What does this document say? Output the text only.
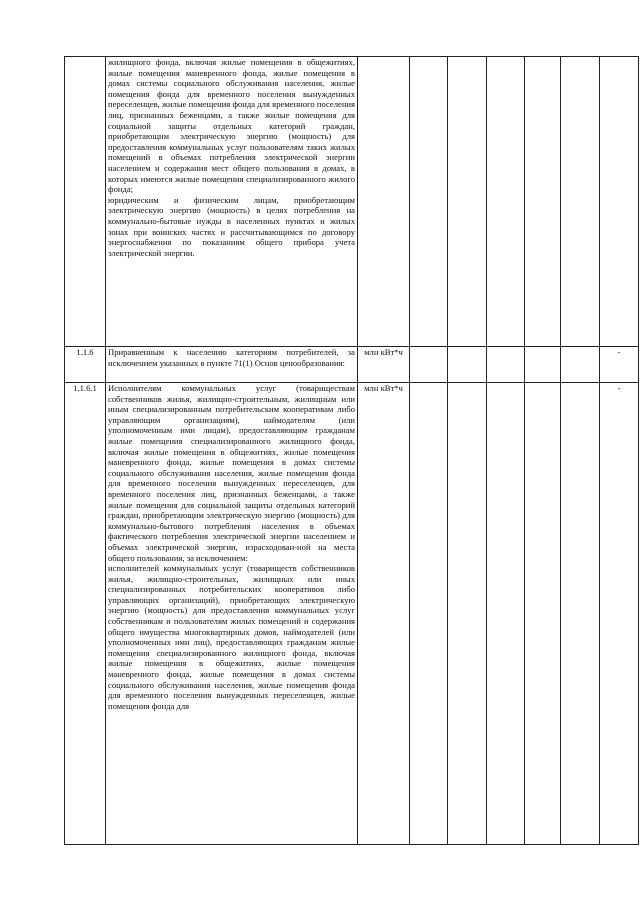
	жилищного фонда, включая жилые помещения в общежитиях, жилые помещения маневренного фонда, жилые помещения в домах системы социального обслуживания населения, жилые помещения фонда для временного поселения вынужденных переселенцев, жилые помещения фонда для временного поселения лиц, признанных беженцами, а также жилые помещения для социальной защиты отдельных категорий граждан, приобретающим электрическую энергию (мощность) для предоставления коммунальных услуг пользователям таких жилых помещений в объемах потребления электрической энергии населением и содержания мест общего пользования в домах, в которых имеются жилые помещения специализированного жилого фонда;
юридическим и физическим лицам, приобретающим электрическую энергию (мощность) в целях потребления на коммунально-бытовые нужды в населенных пунктах и жилых зонах при воинских частях и рассчитывающимся по договору энергоснабжения по показаниям общего прибора учета электрической энергии.							

1.1.6	Приравненным к населению категориям потребителей, за исключением указанных в пункте 71(1) Основ ценообразования:	млн кВт*ч						-
1.1.6.1	Исполнителям коммунальных услуг (товариществам собственников жилья, жилищно-строительным, жилищным или иным специализированным потребительским кооперативам либо управляющим организациям), наймодателям (или уполномоченным ими лицам), предоставляющим гражданам жилые помещения специализированного жилищного фонда, включая жилые помещения в общежитиях, жилые помещения маневренного фонда, жилые помещения в домах системы социального обслуживания населения, жилые помещения фонда для временного поселения вынужденных переселенцев, для временного поселения лиц, признанных беженцами, а также жилые помещения для социальной защиты отдельных категорий граждан, приобретающим электрическую энергию (мощность) для коммунально-бытового потребления населения в объемах фактического потребления электрической энергии населением и объемах электрической энергии, израсходован-ной на места общего пользования, за исключением:
исполнителей коммунальных услуг (товариществ собственников жилья, жилищно-строительных, жилищных или иных специализированных потребительских кооперативов либо управляющих организаций), приобретающих электрическую энергию (мощность) для предоставления коммунальных услуг собственникам и пользователям жилых помещений и содержания общего имущества многоквартирных домов, наймодателей (или уполномоченных ими лиц), предоставляющих гражданам жилые помещения специализированного жилищного фонда, включая жилые помещения в общежитиях, жилые помещения маневренного фонда, жилые помещения в домах системы социального обслуживания населения, жилые помещения фонда для временного поселения вынужденных переселенцев, жилые помещения фонда для	млн кВт*ч						-
